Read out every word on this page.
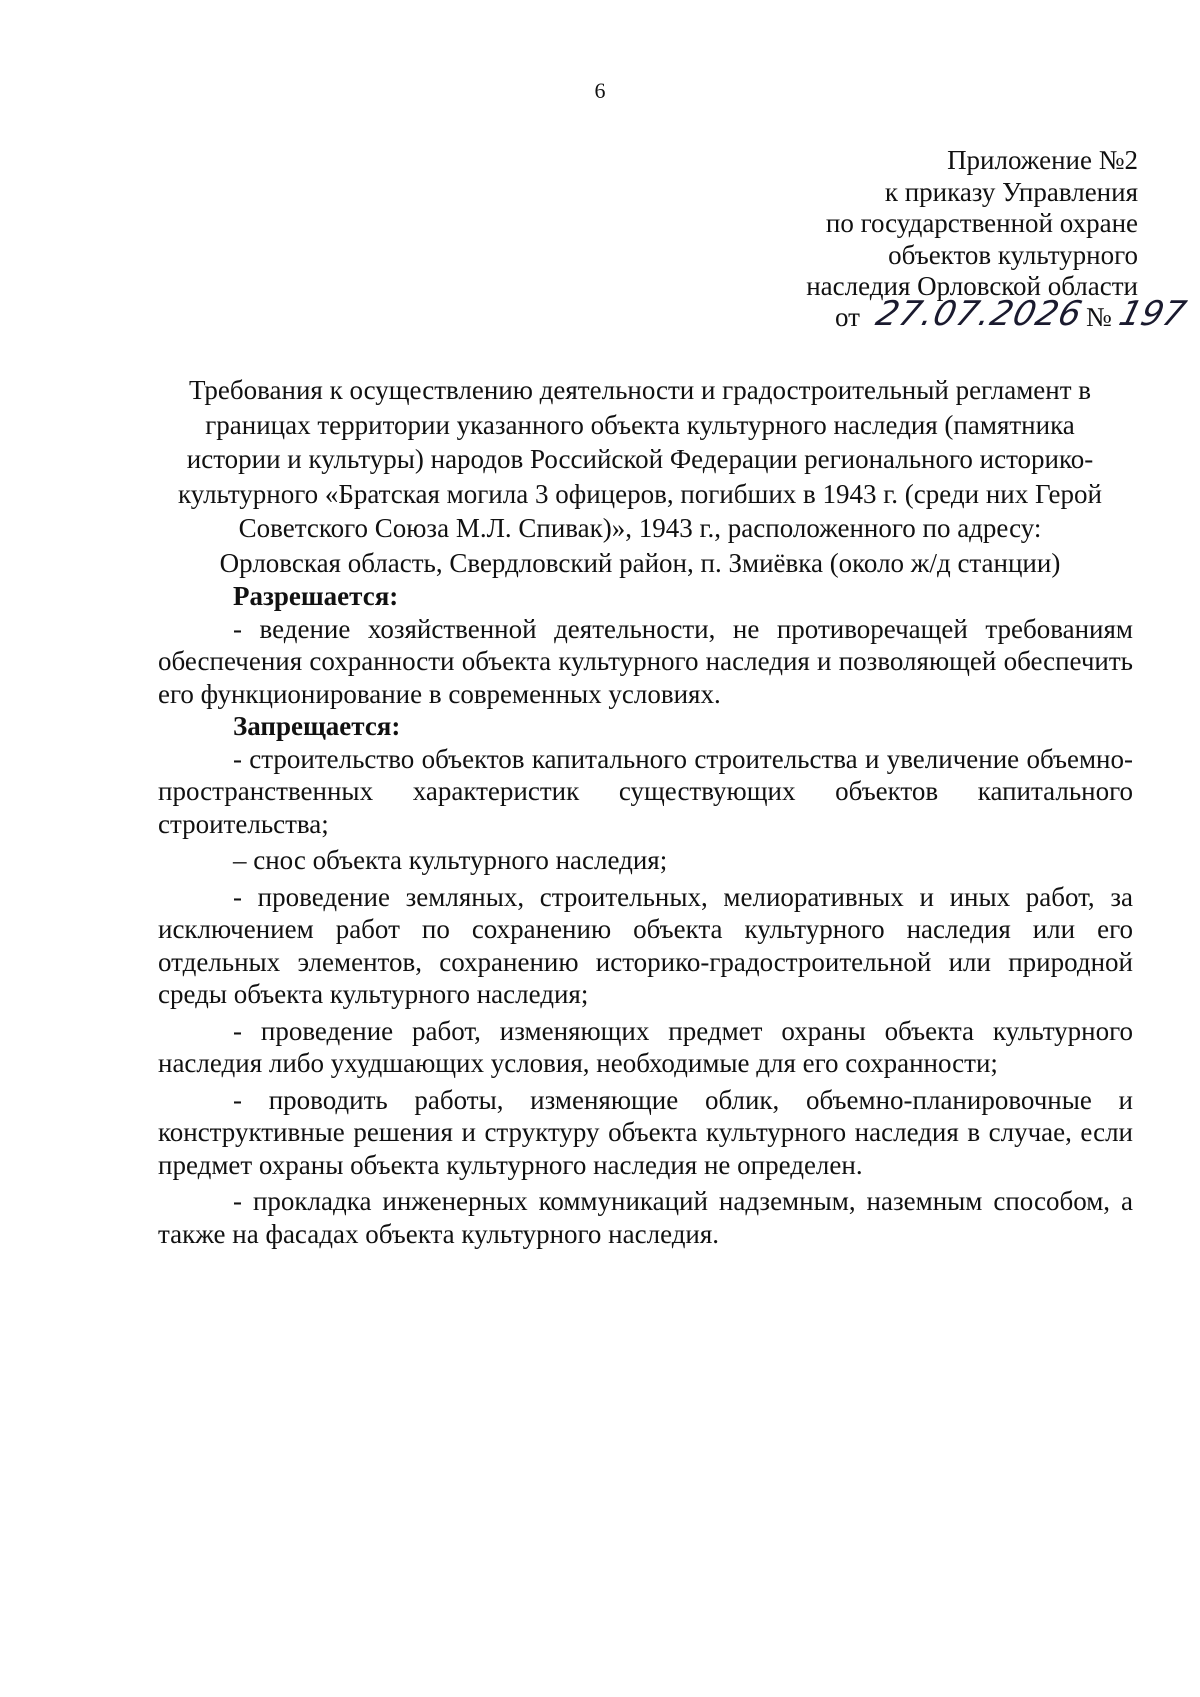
6
Приложение №2
к приказу Управления
по государственной охране
объектов культурного
наследия Орловской области
от 27.07.2026 № 197
Требования к осуществлению деятельности и градостроительный регламент в
границах территории указанного объекта культурного наследия (памятника
истории и культуры) народов Российской Федерации регионального историко-
культурного «Братская могила 3 офицеров, погибших в 1943 г. (среди них Герой
Советского Союза М.Л. Спивак)», 1943 г., расположенного по адресу:
Орловская область, Свердловский район, п. Змиёвка (около ж/д станции)

Разрешается:

- ведение хозяйственной деятельности, не противоречащей требованиям обеспечения сохранности объекта культурного наследия и позволяющей обеспечить его функционирование в современных условиях.

Запрещается:

- строительство объектов капитального строительства и увеличение объемно-пространственных характеристик существующих объектов капитального строительства;

– снос объекта культурного наследия;

- проведение земляных, строительных, мелиоративных и иных работ, за исключением работ по сохранению объекта культурного наследия или его отдельных элементов, сохранению историко-градостроительной или природной среды объекта культурного наследия;

- проведение работ, изменяющих предмет охраны объекта культурного наследия либо ухудшающих условия, необходимые для его сохранности;

- проводить работы, изменяющие облик, объемно-планировочные и конструктивные решения и структуру объекта культурного наследия в случае, если предмет охраны объекта культурного наследия не определен.

- прокладка инженерных коммуникаций надземным, наземным способом, а также на фасадах объекта культурного наследия.
